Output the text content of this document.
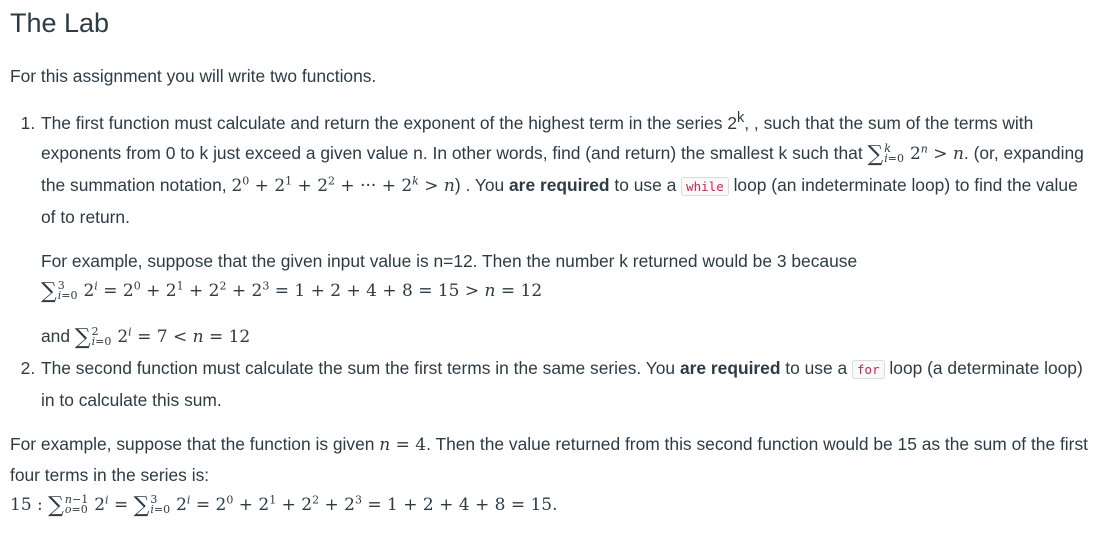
The Lab

For this assignment you will write two functions.

1. The first function must calculate and return the exponent of the highest term in the series 2$^k$, , such that the sum of the terms with exponents from 0 to k just exceed a given value n. In other words, find (and return) the smallest k such that ∑ k
i=0 $2^n > n$. (or, expanding the summation notation, $2^0 + 2^1 + 2^2$ + ··· + $2^k > n$) . You are required to use a while loop (an indeterminate loop) to find the value of to return.
For example, suppose that the given input value is n=12. Then the number k returned would be 3 because
∑ 3
i=0 $2^i = 2^0 + 2^1 + 2^2 + 2^3 = 1 + 2 + 4 + 8 = 15 > n = 12$
and ∑ 2
i=0 $2^i = 7 < n = 12$
2. The second function must calculate the sum the first terms in the same series. You are required to use a for loop (a determinate loop) in to calculate this sum.

For example, suppose that the function is given n = 4. Then the value returned from this second function would be 15 as the sum of the first four terms in the series is:

15 : ∑ n−1
o=0 $2^i$ = ∑ 3
i=0 $2^i = 2^0 + 2^1 + 2^2 + 2^3 = 1 + 2 + 4 + 8 = 15$.
